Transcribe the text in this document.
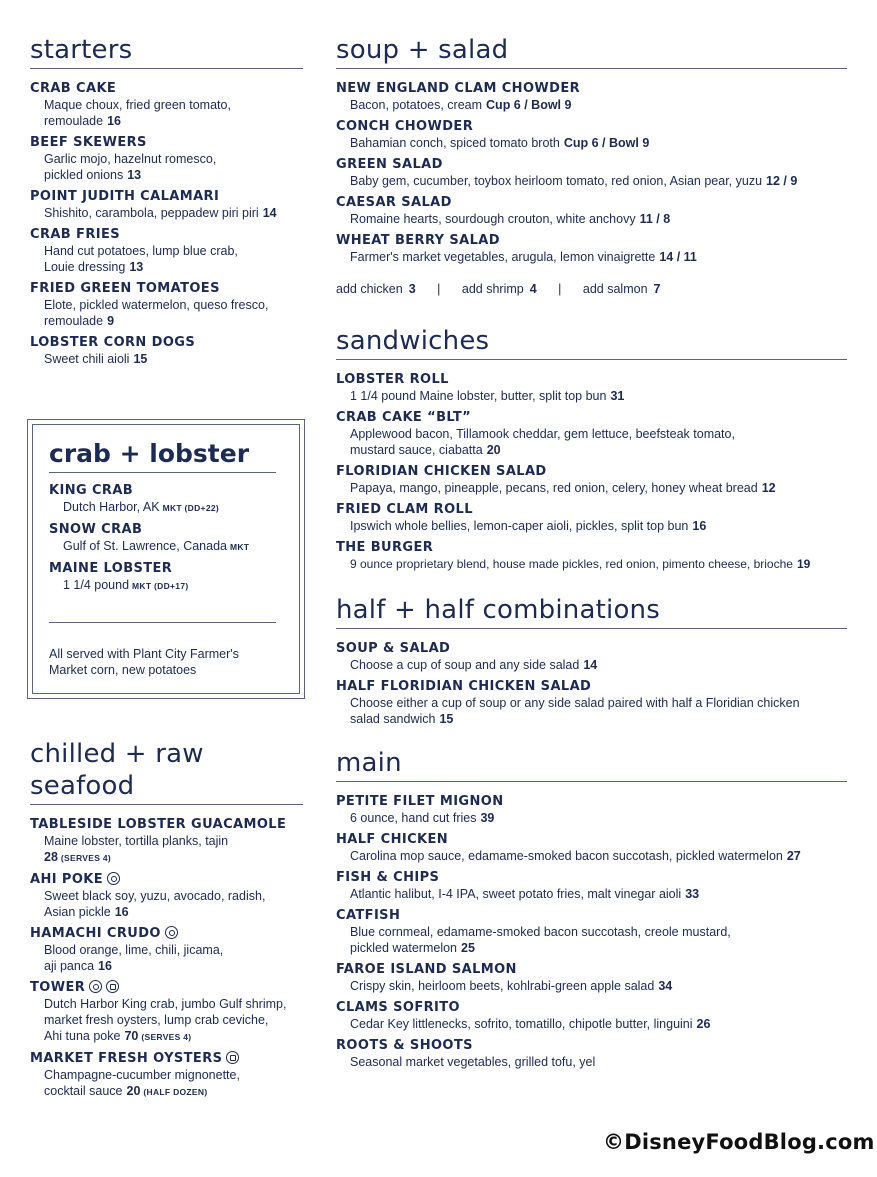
starters
CRAB CAKE
Maque choux, fried green tomato,
remoulade 16
BEEF SKEWERS
Garlic mojo, hazelnut romesco,
pickled onions 13
POINT JUDITH CALAMARI
Shishito, carambola, peppadew piri piri 14
CRAB FRIES
Hand cut potatoes, lump blue crab,
Louie dressing 13
FRIED GREEN TOMATOES
Elote, pickled watermelon, queso fresco,
remoulade 9
LOBSTER CORN DOGS
Sweet chili aioli 15
crab + lobster
KING CRAB
Dutch Harbor, AK MKT (DD+22)
SNOW CRAB
Gulf of St. Lawrence, Canada MKT
MAINE LOBSTER
1 1/4 pound MKT (DD+17)
All served with Plant City Farmer's
Market corn, new potatoes
chilled + raw seafood
TABLESIDE LOBSTER GUACAMOLE
Maine lobster, tortilla planks, tajin
28 (SERVES 4)
AHI POKE
Sweet black soy, yuzu, avocado, radish,
Asian pickle 16
HAMACHI CRUDO
Blood orange, lime, chili, jicama,
aji panca 16
TOWER
Dutch Harbor King crab, jumbo Gulf shrimp,
market fresh oysters, lump crab ceviche,
Ahi tuna poke 70 (SERVES 4)
MARKET FRESH OYSTERS
Champagne-cucumber mignonette,
cocktail sauce 20 (HALF DOZEN)
soup + salad
NEW ENGLAND CLAM CHOWDER
Bacon, potatoes, cream Cup 6 / Bowl 9
CONCH CHOWDER
Bahamian conch, spiced tomato broth Cup 6 / Bowl 9
GREEN SALAD
Baby gem, cucumber, toybox heirloom tomato, red onion, Asian pear, yuzu 12 / 9
CAESAR SALAD
Romaine hearts, sourdough crouton, white anchovy 11 / 8
WHEAT BERRY SALAD
Farmer's market vegetables, arugula, lemon vinaigrette 14 / 11
add chicken 3 | add shrimp 4 | add salmon 7
sandwiches
LOBSTER ROLL
1 1/4 pound Maine lobster, butter, split top bun 31
CRAB CAKE “BLT”
Applewood bacon, Tillamook cheddar, gem lettuce, beefsteak tomato,
mustard sauce, ciabatta 20
FLORIDIAN CHICKEN SALAD
Papaya, mango, pineapple, pecans, red onion, celery, honey wheat bread 12
FRIED CLAM ROLL
Ipswich whole bellies, lemon-caper aioli, pickles, split top bun 16
THE BURGER
9 ounce proprietary blend, house made pickles, red onion, pimento cheese, brioche 19
half + half combinations
SOUP & SALAD
Choose a cup of soup and any side salad 14
HALF FLORIDIAN CHICKEN SALAD
Choose either a cup of soup or any side salad paired with half a Floridian chicken
salad sandwich 15
main
PETITE FILET MIGNON
6 ounce, hand cut fries 39
HALF CHICKEN
Carolina mop sauce, edamame-smoked bacon succotash, pickled watermelon 27
FISH & CHIPS
Atlantic halibut, I-4 IPA, sweet potato fries, malt vinegar aioli 33
CATFISH
Blue cornmeal, edamame-smoked bacon succotash, creole mustard,
pickled watermelon 25
FAROE ISLAND SALMON
Crispy skin, heirloom beets, kohlrabi-green apple salad 34
CLAMS SOFRITO
Cedar Key littlenecks, sofrito, tomatillo, chipotle butter, linguini 26
ROOTS & SHOOTS
Seasonal market vegetables, grilled tofu, yel
©DisneyFoodBlog.com
